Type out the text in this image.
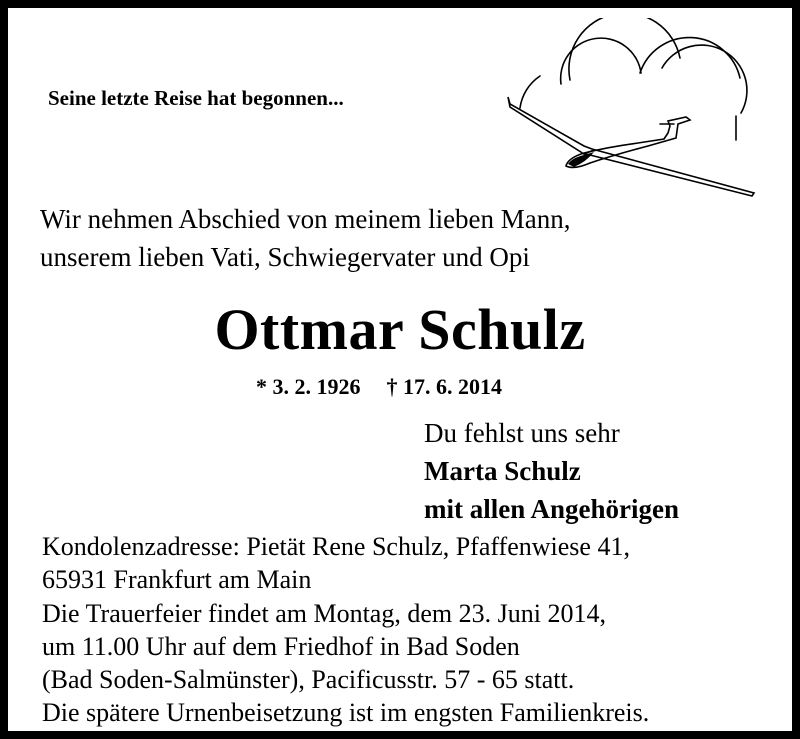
Seine letzte Reise hat begonnen...
Wir nehmen Abschied von meinem lieben Mann,
unserem lieben Vati, Schwiegervater und Opi
Ottmar Schulz
* 3. 2. 1926 † 17. 6. 2014
Du fehlst uns sehr
Marta Schulz
mit allen Angehörigen
Kondolenzadresse: Pietät Rene Schulz, Pfaffenwiese 41,
65931 Frankfurt am Main
Die Trauerfeier findet am Montag, dem 23. Juni 2014,
um 11.00 Uhr auf dem Friedhof in Bad Soden
(Bad Soden-Salmünster), Pacificusstr. 57 - 65 statt.
Die spätere Urnenbeisetzung ist im engsten Familienkreis.
